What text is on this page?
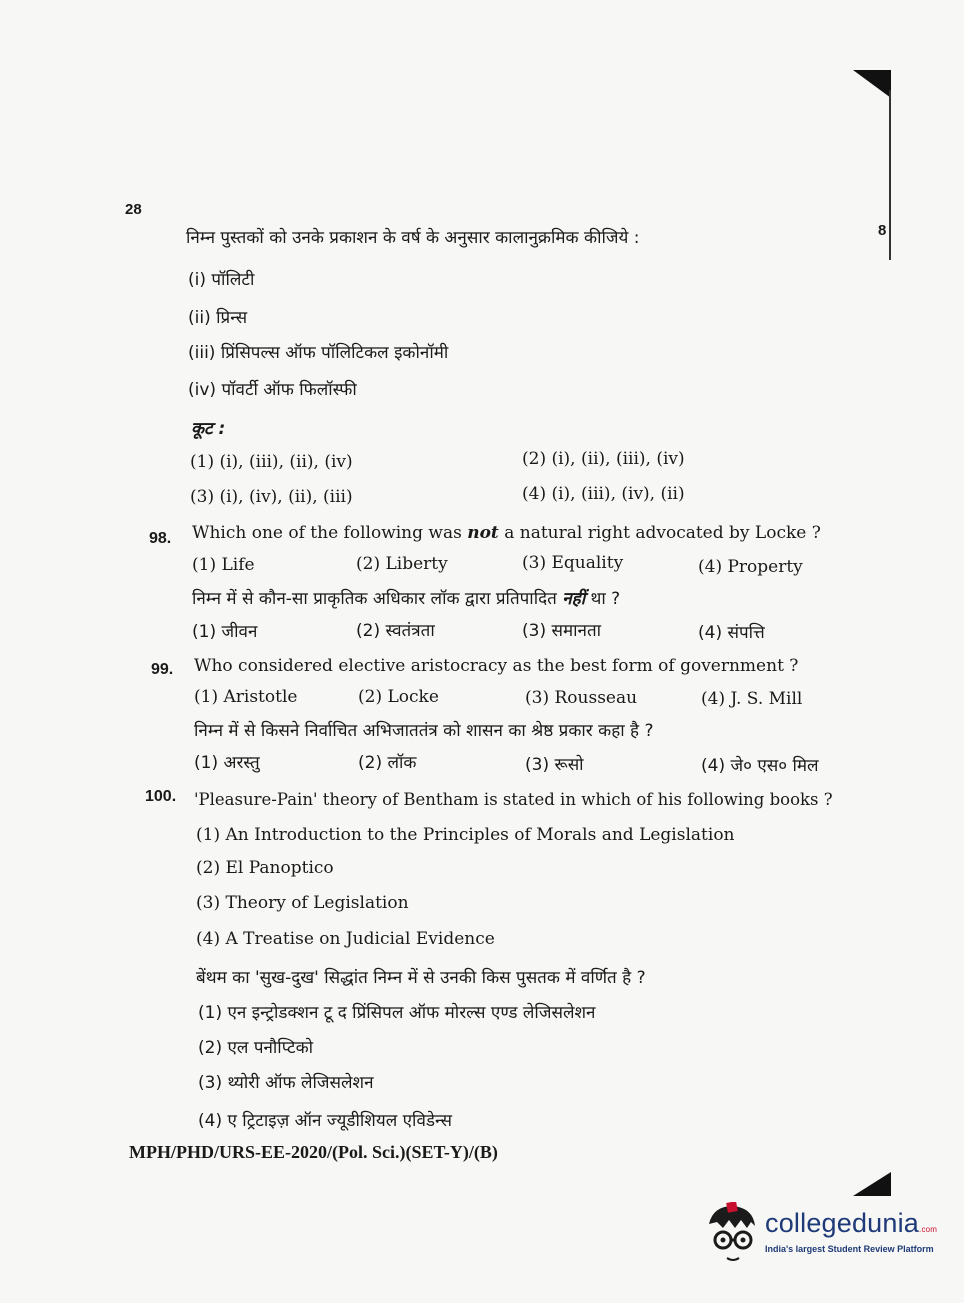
28
8
निम्न पुस्तकों को उनके प्रकाशन के वर्ष के अनुसार कालानुक्रमिक कीजिये :
(i) पॉलिटी
(ii) प्रिन्स
(iii) प्रिंसिपल्स ऑफ पॉलिटिकल इकोनॉमी
(iv) पॉवर्टी ऑफ फिलॉस्फी
कूट :
(1) (i), (iii), (ii), (iv)	(2) (i), (ii), (iii), (iv)
(3) (i), (iv), (ii), (iii)	(4) (i), (iii), (iv), (ii)
98. Which one of the following was not a natural right advocated by Locke ?
(1) Life	(2) Liberty	(3) Equality	(4) Property
निम्न में से कौन-सा प्राकृतिक अधिकार लॉक द्वारा प्रतिपादित नहीं था ?
(1) जीवन	(2) स्वतंत्रता	(3) समानता	(4) संपत्ति
99. Who considered elective aristocracy as the best form of government ?
(1) Aristotle	(2) Locke	(3) Rousseau	(4) J. S. Mill
निम्न में से किसने निर्वाचित अभिजाततंत्र को शासन का श्रेष्ठ प्रकार कहा है ?
(1) अरस्तु	(2) लॉक	(3) रूसो	(4) जे० एस० मिल
100. 'Pleasure-Pain' theory of Bentham is stated in which of his following books ?
(1) An Introduction to the Principles of Morals and Legislation
(2) El Panoptico
(3) Theory of Legislation
(4) A Treatise on Judicial Evidence
बेंथम का 'सुख-दुख' सिद्धांत निम्न में से उनकी किस पुसतक में वर्णित है ?
(1) एन इन्ट्रोडक्शन टू द प्रिंसिपल ऑफ मोरल्स एण्ड लेजिसलेशन
(2) एल पनौप्टिको
(3) थ्योरी ऑफ लेजिसलेशन
(4) ए ट्रिटाइज़ ऑन ज्यूडीशियल एविडेन्स
MPH/PHD/URS-EE-2020/(Pol. Sci.)(SET-Y)/(B)
collegedunia.com
India's largest Student Review Platform
